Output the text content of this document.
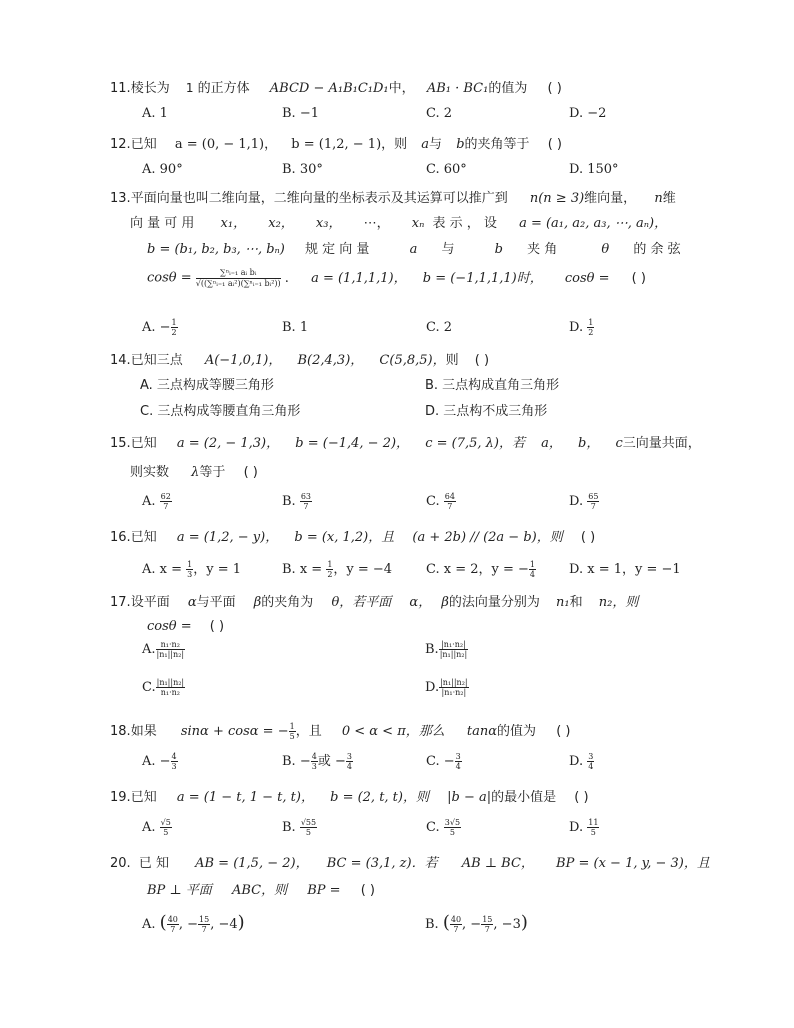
11.棱长为 1 的正方体 ABCD − A₁B₁C₁D₁中， AB₁ · BC₁的值为 ( )
A. 1	B. −1	C. 2	D. −2
12.已知 a = (0, − 1,1)， b = (1,2, − 1)，则 a与 b的夹角等于 ( )
A. 90°	B. 30°	C. 60°	D. 150°
13.平面向量也叫二维向量，二维向量的坐标表示及其运算可以推广到 n(n ≥ 3)维向量， n维
向 量 可 用 x₁， x₂， x₃， ⋯， xₙ 表 示 ， 设 a = (a₁, a₂, a₃, ⋯, aₙ)，
b = (b₁, b₂, b₃, ⋯, bₙ) 规 定 向 量	a 与	b 夹 角	θ 的 余 弦
$\cos\theta = \frac{\text{∑ⁿᵢ₌₁ aᵢ bᵢ}}{\text{√((∑ⁿᵢ₌₁ aᵢ²)(∑ⁿᵢ₌₁ bᵢ²))}}$ . a = (1,1,1,1)， b = (−1,1,1,1)时， cosθ = ( )
A. − $\frac{1}{2}$	B. 1	C. 2	D. $\frac{1}{2}$
14.已知三点 A(−1,0,1)， B(2,4,3)， C(5,8,5)，则 ( )
A. 三点构成等腰三角形	B. 三点构成直角三角形
C. 三点构成等腰直角三角形	D. 三点构不成三角形
15.已知 a = (2, − 1,3)， b = (−1,4, − 2)， c = (7,5, λ)，若 a， b， c三向量共面，
则实数 λ等于 ( )
A. $\frac{62}{7}$	B. $\frac{63}{7}$	C. $\frac{64}{7}$	D. $\frac{65}{7}$
16.已知 a = (1,2, − y)， b = (x, 1,2)，且 (a + 2b) // (2a − b)，则 ( )
A. $x = \frac{1}{3}$ ，y = 1	B. $x = \frac{1}{2}$ ，y = −4	C. x = 2，y = − $\frac{1}{4}$	D. x = 1，y = −1
17.设平面 α与平面 β的夹角为 θ，若平面 α， β的法向量分别为 n₁和 n₂，则
cosθ = ( )
A. $\frac{\text{n₁·n₂}}{\text{|n₁||n₂|}}$	B. $\frac{\text{|n₁·n₂|}}{\text{|n₁||n₂|}}$
C. $\frac{\text{|n₁||n₂|}}{\text{n₁·n₂}}$	D. $\frac{\text{|n₁||n₂|}}{\text{|n₁·n₂|}}$
18.如果 sinα + cosα = − $\frac{1}{5}$ ，且 0 < α < π，那么 tanα的值为 ( )
A. − $\frac{4}{3}$	B. − $\frac{4}{3}$ 或 − $\frac{3}{4}$	C. − $\frac{3}{4}$	D. $\frac{3}{4}$
19.已知 a = (1 − t, 1 − t, t)， b = (2, t, t)，则 |b − a|的最小值是 ( )
A. $\frac{√5}{5}$	B. $\frac{√55}{5}$	C. $\frac{3√5}{5}$	D. $\frac{11}{5}$
20. 已 知 AB = (1,5, − 2)， BC = (3,1, z)．若 AB ⊥ BC， BP = (x − 1, y, − 3)，且
BP ⊥ 平面 ABC，则 BP = ( )
A. ( $\frac{40}{7}$ , − $\frac{15}{7}$ , −4)	B. ( $\frac{40}{7}$ , − $\frac{15}{7}$ , −3)
